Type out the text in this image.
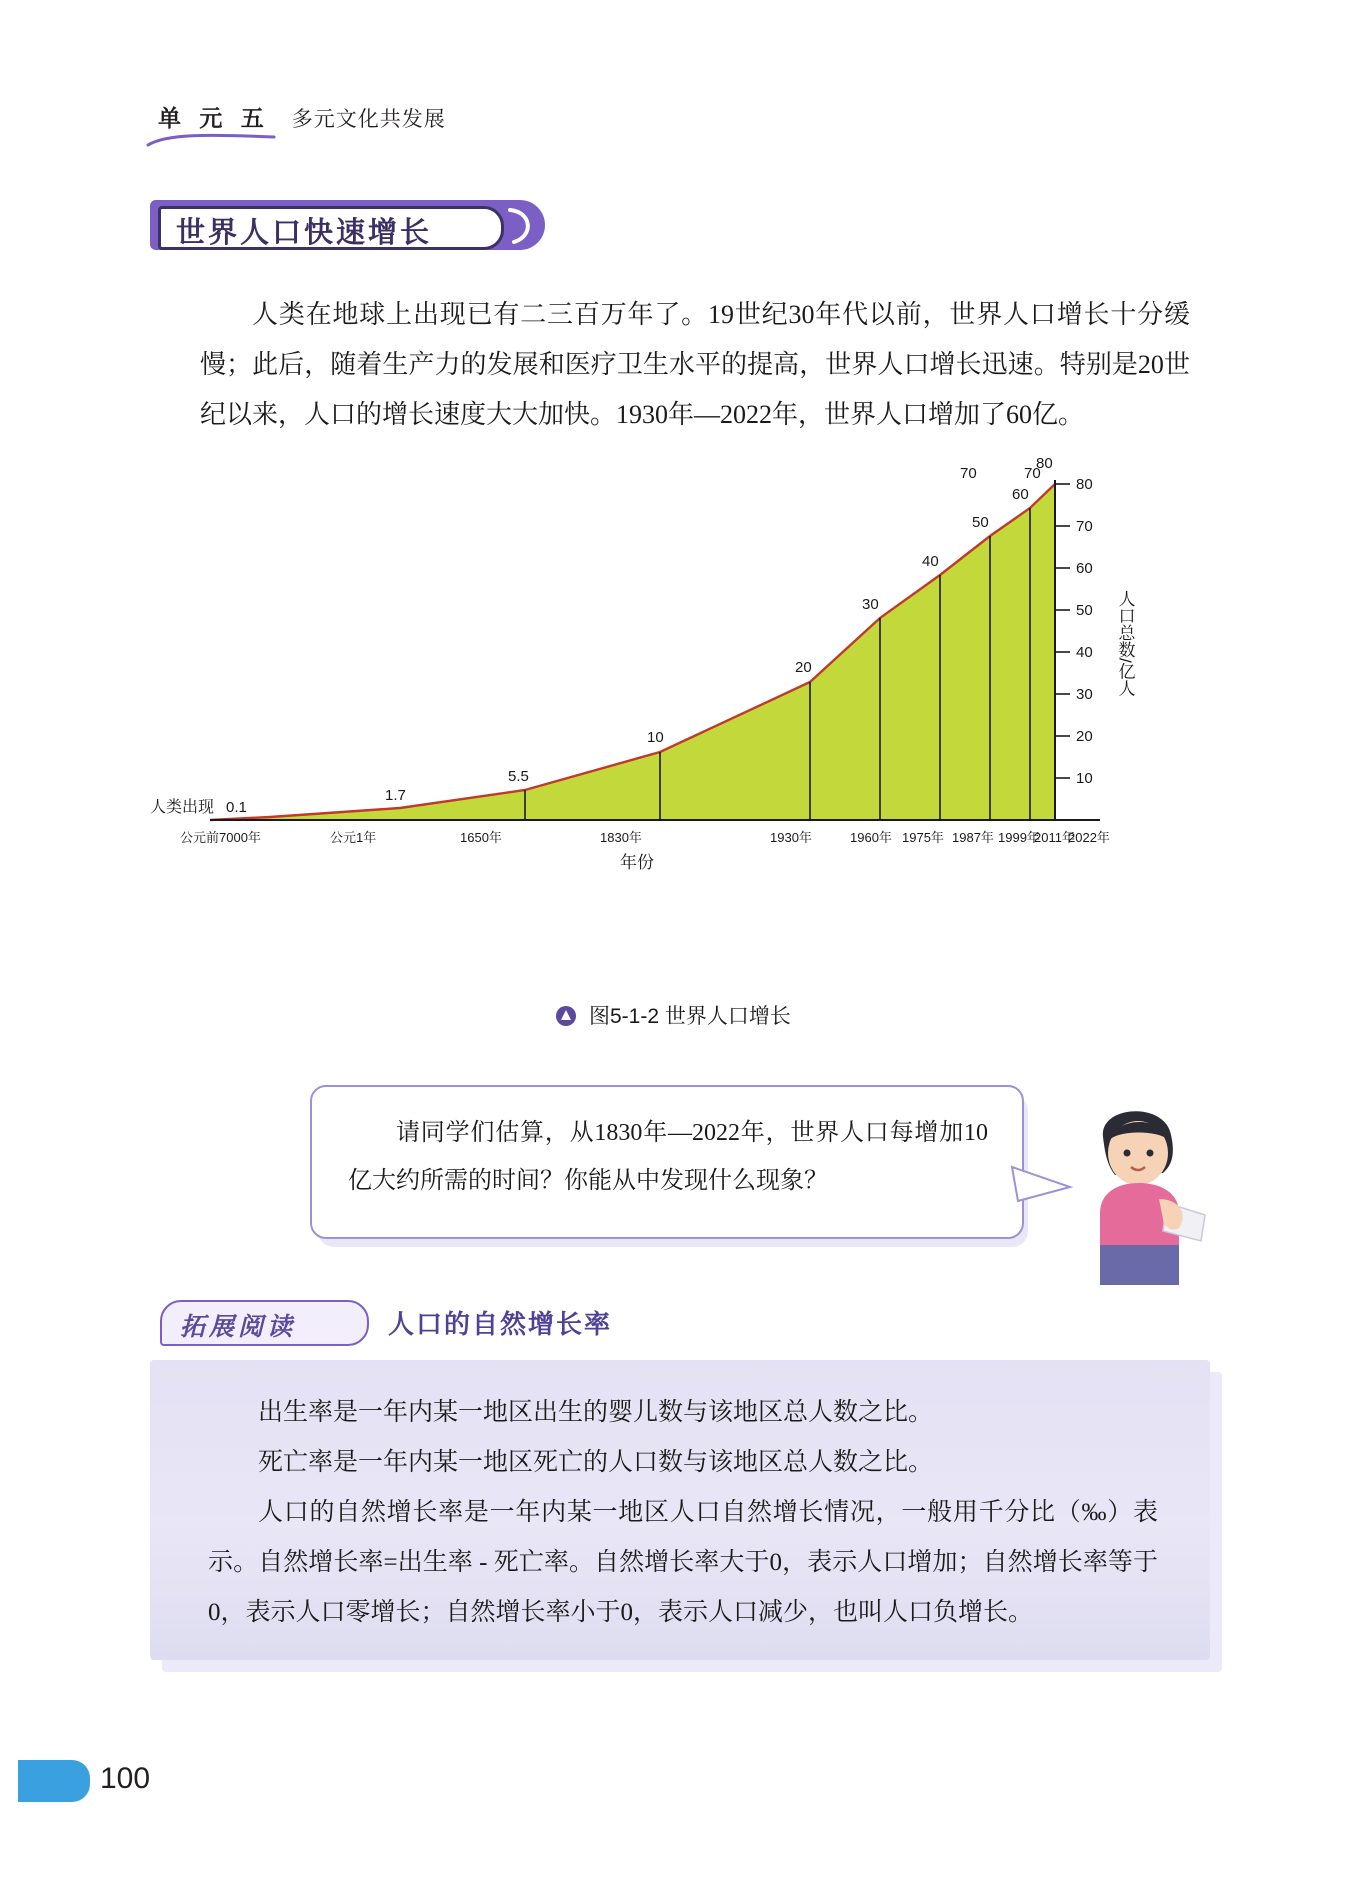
单 元 五 多元文化共发展
世界人口快速增长
人类在地球上出现已有二三百万年了。19世纪30年代以前，世界人口增长十分缓慢；此后，随着生产力的发展和医疗卫生水平的提高，世界人口增长迅速。特别是20世纪以来，人口的增长速度大大加快。1930年—2022年，世界人口增加了60亿。
10
20
30
40
50
60
70
80
人口总数/亿人
0.1
1.7
5.5
10
20
30
40
50
60
70
80
70
人类出现
公元前7000年	公元1年	1650年	1830年	1930年	1960年 1975年 1987年 1999年
2011年
2022年
年份
图5-1-2 世界人口增长
请同学们估算，从1830年—2022年，世界人口每增加10亿大约所需的时间？你能从中发现什么现象？
拓展阅读	人口的自然增长率
出生率是一年内某一地区出生的婴儿数与该地区总人数之比。
死亡率是一年内某一地区死亡的人口数与该地区总人数之比。
人口的自然增长率是一年内某一地区人口自然增长情况，一般用千分比（‰）表示。自然增长率=出生率 - 死亡率。自然增长率大于0，表示人口增加；自然增长率等于0，表示人口零增长；自然增长率小于0，表示人口减少，也叫人口负增长。
100
